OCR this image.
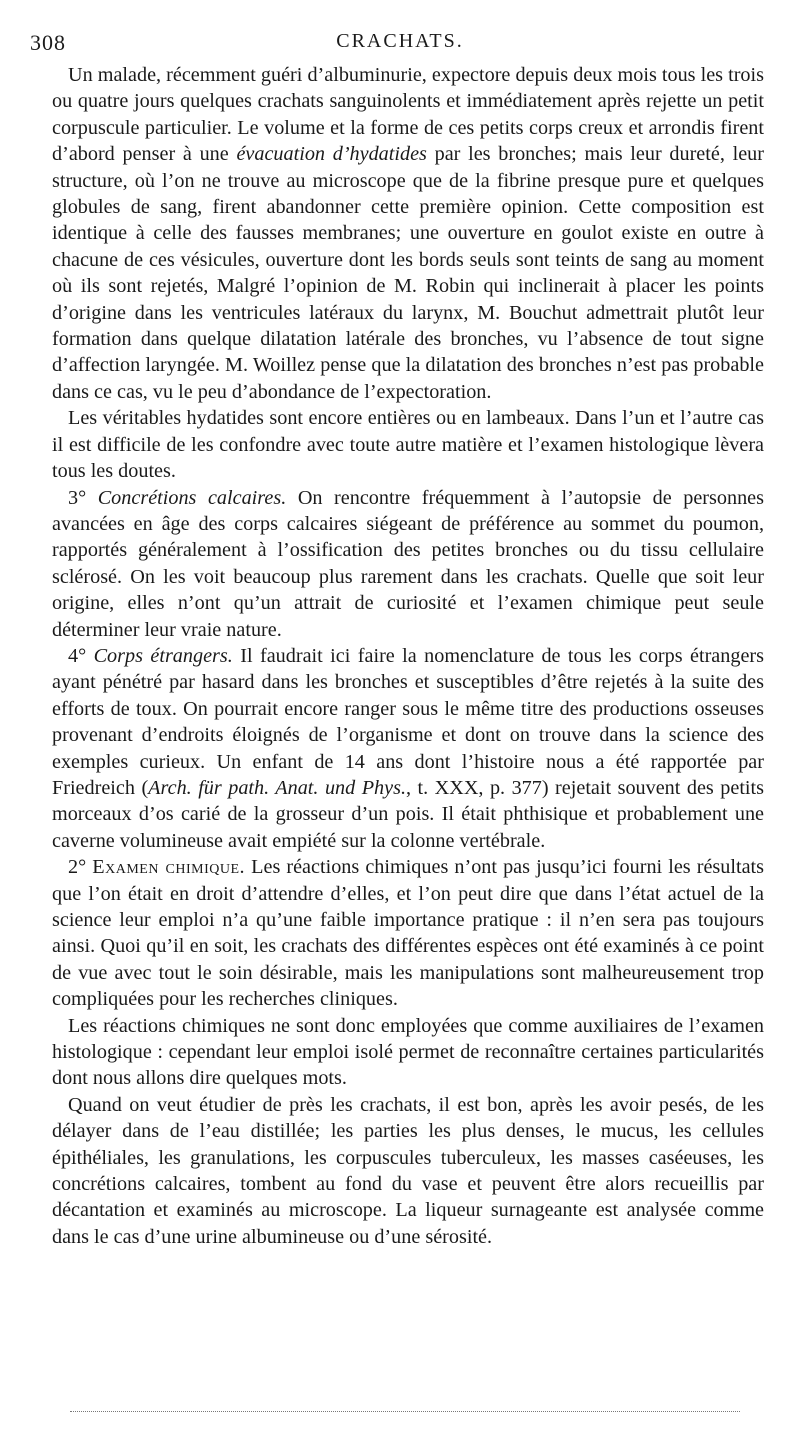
308	CRACHATS.

Un malade, récemment guéri d’albuminurie, expectore depuis deux mois tous les trois ou quatre jours quelques crachats sanguinolents et immédiatement après rejette un petit corpuscule particulier. Le volume et la forme de ces petits corps creux et arrondis firent d’abord penser à une évacuation d’hydatides par les bronches; mais leur dureté, leur structure, où l’on ne trouve au microscope que de la fibrine presque pure et quelques globules de sang, firent abandonner cette première opinion. Cette composition est identique à celle des fausses membranes; une ouverture en goulot existe en outre à chacune de ces vésicules, ouverture dont les bords seuls sont teints de sang au moment où ils sont rejetés, Malgré l’opinion de M. Robin qui inclinerait à placer les points d’origine dans les ventricules latéraux du larynx, M. Bouchut admettrait plutôt leur formation dans quelque dilatation latérale des bronches, vu l’absence de tout signe d’affection laryngée. M. Woillez pense que la dilatation des bronches n’est pas probable dans ce cas, vu le peu d’abondance de l’expectoration.

Les véritables hydatides sont encore entières ou en lambeaux. Dans l’un et l’autre cas il est difficile de les confondre avec toute autre matière et l’examen histologique lèvera tous les doutes.

3° Concrétions calcaires. On rencontre fréquemment à l’autopsie de personnes avancées en âge des corps calcaires siégeant de préférence au sommet du poumon, rapportés généralement à l’ossification des petites bronches ou du tissu cellulaire sclérosé. On les voit beaucoup plus rarement dans les crachats. Quelle que soit leur origine, elles n’ont qu’un attrait de curiosité et l’examen chimique peut seule déterminer leur vraie nature.

4° Corps étrangers. Il faudrait ici faire la nomenclature de tous les corps étrangers ayant pénétré par hasard dans les bronches et susceptibles d’être rejetés à la suite des efforts de toux. On pourrait encore ranger sous le même titre des productions osseuses provenant d’endroits éloignés de l’organisme et dont on trouve dans la science des exemples curieux. Un enfant de 14 ans dont l’histoire nous a été rapportée par Friedreich (Arch. für path. Anat. und Phys., t. XXX, p. 377) rejetait souvent des petits morceaux d’os carié de la grosseur d’un pois. Il était phthisique et probablement une caverne volumineuse avait empiété sur la colonne vertébrale.

2° Examen chimique. Les réactions chimiques n’ont pas jusqu’ici fourni les résultats que l’on était en droit d’attendre d’elles, et l’on peut dire que dans l’état actuel de la science leur emploi n’a qu’une faible importance pratique : il n’en sera pas toujours ainsi. Quoi qu’il en soit, les crachats des différentes espèces ont été examinés à ce point de vue avec tout le soin désirable, mais les manipulations sont malheureusement trop compliquées pour les recherches cliniques.

Les réactions chimiques ne sont donc employées que comme auxiliaires de l’examen histologique : cependant leur emploi isolé permet de reconnaître certaines particularités dont nous allons dire quelques mots.

Quand on veut étudier de près les crachats, il est bon, après les avoir pesés, de les délayer dans de l’eau distillée; les parties les plus denses, le mucus, les cellules épithéliales, les granulations, les corpuscules tuberculeux, les masses caséeuses, les concrétions calcaires, tombent au fond du vase et peuvent être alors recueillis par décantation et examinés au microscope. La liqueur surnageante est analysée comme dans le cas d’une urine albumineuse ou d’une sérosité.
